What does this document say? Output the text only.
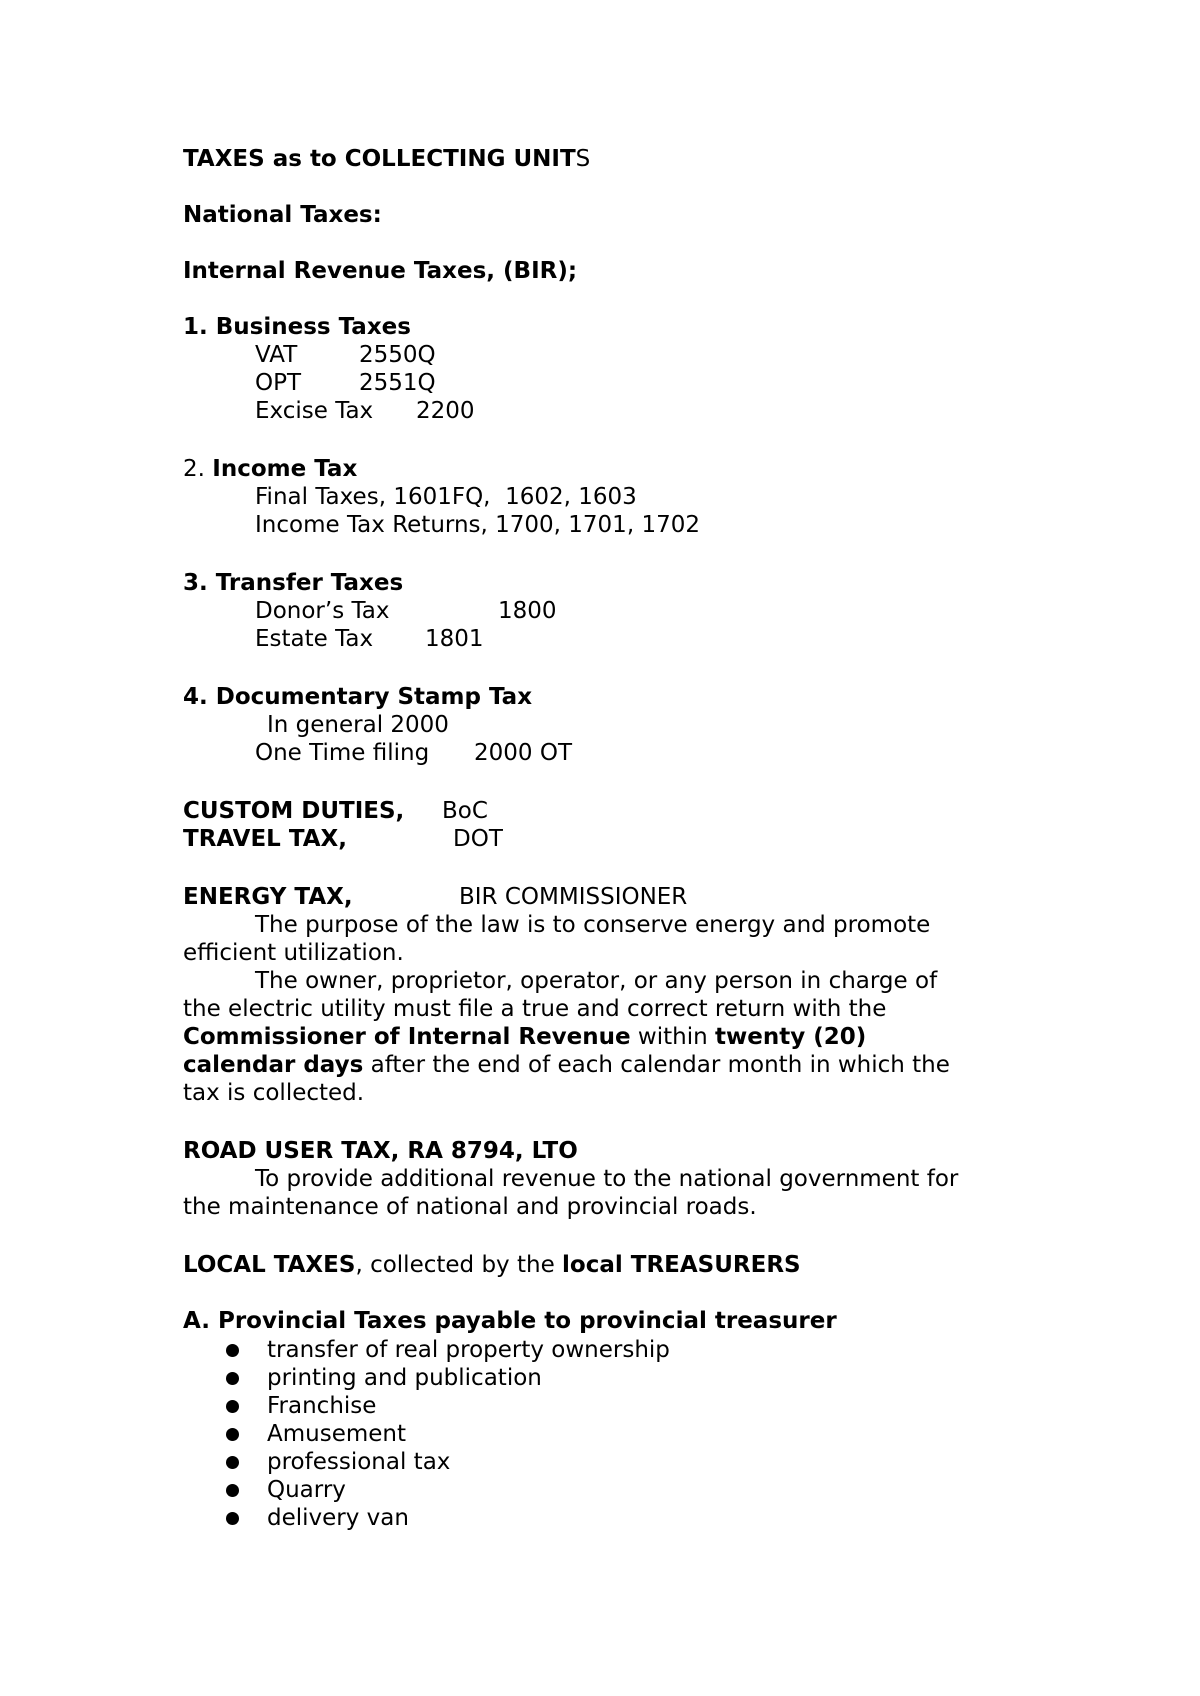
TAXES as to COLLECTING UNITS
National Taxes:
Internal Revenue Taxes, (BIR);
1. Business Taxes
VAT	2550Q
OPT	2551Q
Excise Tax 2200
2. Income Tax
Final Taxes, 1601FQ,  1602, 1603
Income Tax Returns, 1700, 1701, 1702
3. Transfer Taxes
Donor’s Tax	1800
Estate Tax 1801
4. Documentary Stamp Tax
In general 2000
One Time filing 2000 OT
CUSTOM DUTIES, BoC
TRAVEL TAX,	DOT
ENERGY TAX,	BIR COMMISSIONER
The purpose of the law is to conserve energy and promote
efficient utilization.
The owner, proprietor, operator, or any person in charge of
the electric utility must file a true and correct return with the
Commissioner of Internal Revenue within twenty (20)
calendar days after the end of each calendar month in which the
tax is collected.
ROAD USER TAX, RA 8794, LTO
To provide additional revenue to the national government for
the maintenance of national and provincial roads.
LOCAL TAXES, collected by the local TREASURERS
A. Provincial Taxes payable to provincial treasurer
transfer of real property ownership
printing and publication
Franchise
Amusement
professional tax
Quarry
delivery van
